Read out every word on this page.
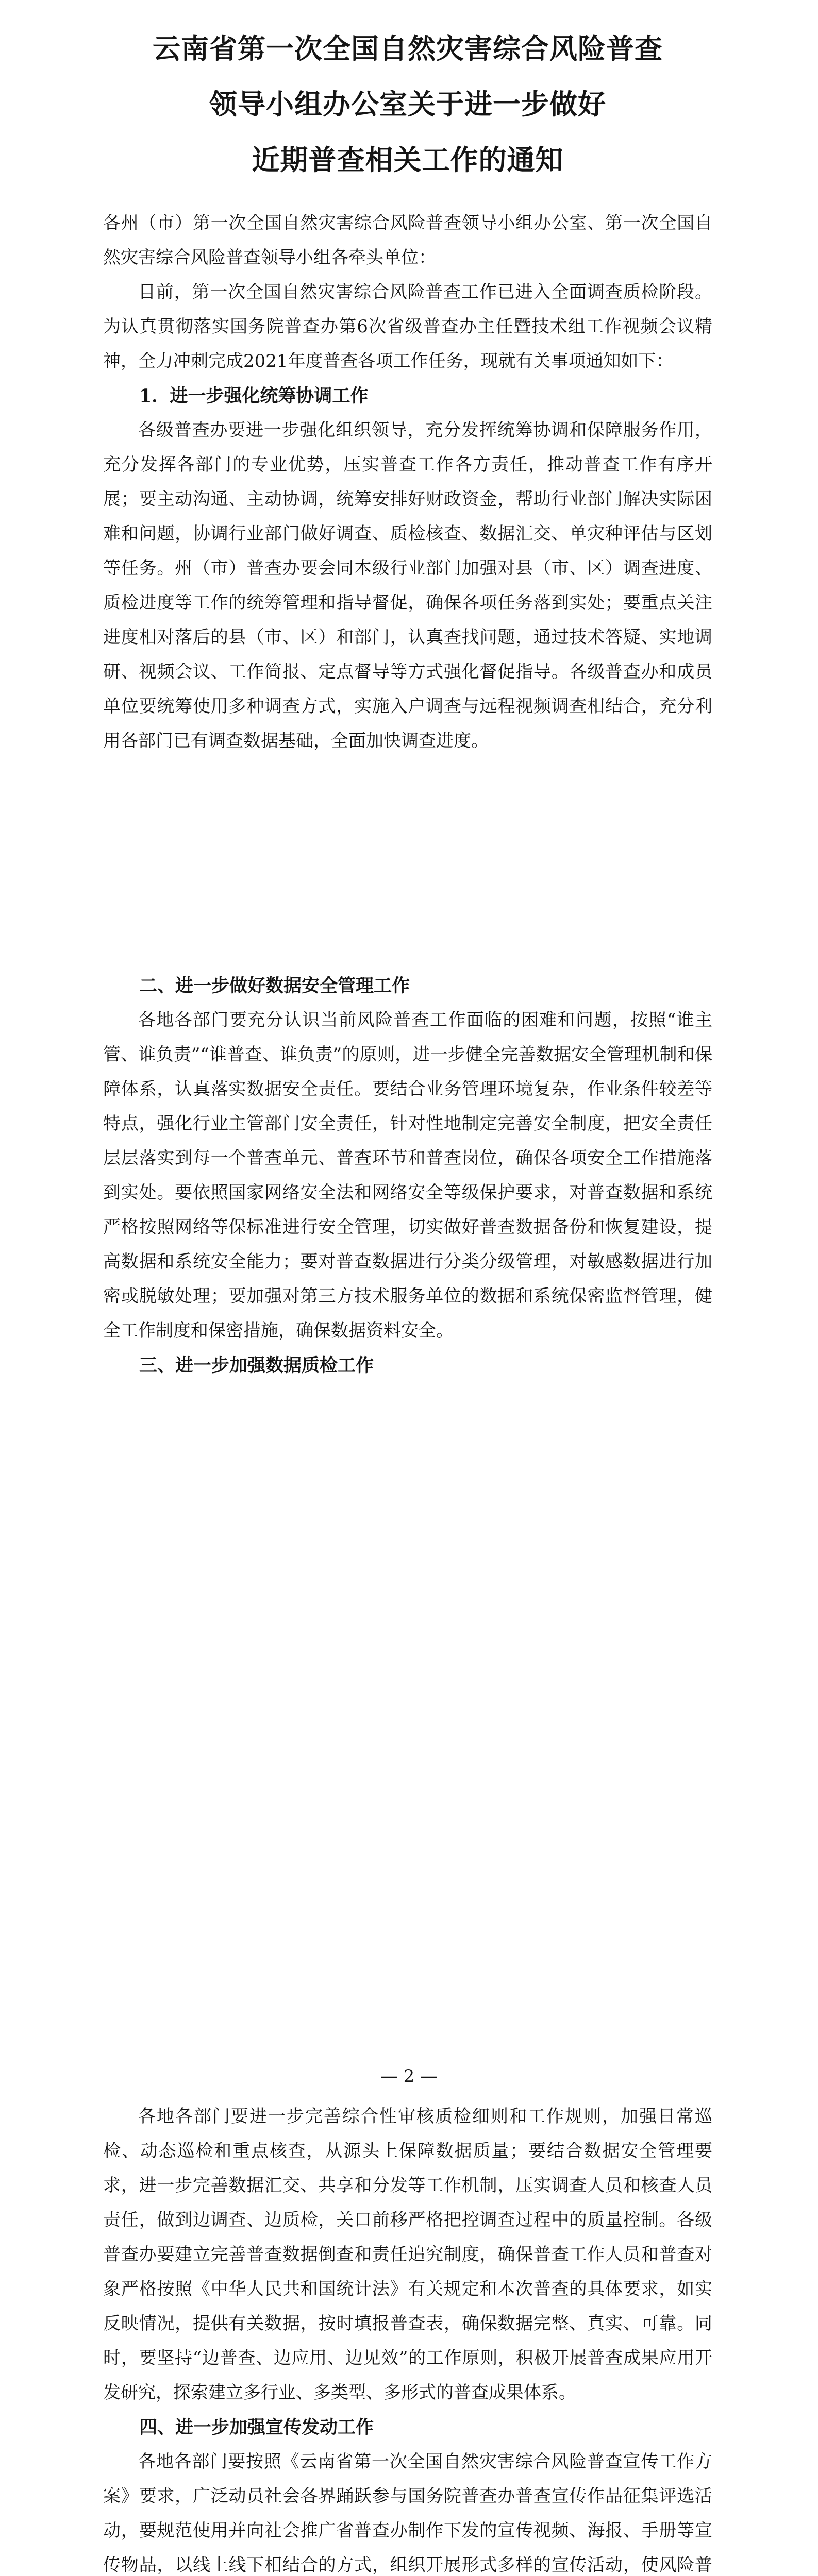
云南省第一次全国自然灾害综合风险普查
领导小组办公室关于进一步做好
近期普查相关工作的通知

各州（市）第一次全国自然灾害综合风险普查领导小组办公室、第一次全国自然灾害综合风险普查领导小组各牵头单位：

目前，第一次全国自然灾害综合风险普查工作已进入全面调查质检阶段。为认真贯彻落实国务院普查办第6次省级普查办主任暨技术组工作视频会议精神，全力冲刺完成2021年度普查各项工作任务，现就有关事项通知如下：

1．进一步强化统筹协调工作

各级普查办要进一步强化组织领导，充分发挥统筹协调和保障服务作用，充分发挥各部门的专业优势，压实普查工作各方责任，推动普查工作有序开展；要主动沟通、主动协调，统筹安排好财政资金，帮助行业部门解决实际困难和问题，协调行业部门做好调查、质检核查、数据汇交、单灾种评估与区划等任务。州（市）普查办要会同本级行业部门加强对县（市、区）调查进度、质检进度等工作的统筹管理和指导督促，确保各项任务落到实处；要重点关注进度相对落后的县（市、区）和部门，认真查找问题，通过技术答疑、实地调研、视频会议、工作简报、定点督导等方式强化督促指导。各级普查办和成员单位要统筹使用多种调查方式，实施入户调查与远程视频调查相结合，充分利用各部门已有调查数据基础，全面加快调查进度。

二、进一步做好数据安全管理工作

各地各部门要充分认识当前风险普查工作面临的困难和问题，按照“谁主管、谁负责”“谁普查、谁负责”的原则，进一步健全完善数据安全管理机制和保障体系，认真落实数据安全责任。要结合业务管理环境复杂，作业条件较差等特点，强化行业主管部门安全责任，针对性地制定完善安全制度，把安全责任层层落实到每一个普查单元、普查环节和普查岗位，确保各项安全工作措施落到实处。要依照国家网络安全法和网络安全等级保护要求，对普查数据和系统严格按照网络等保标准进行安全管理，切实做好普查数据备份和恢复建设，提高数据和系统安全能力；要对普查数据进行分类分级管理，对敏感数据进行加密或脱敏处理；要加强对第三方技术服务单位的数据和系统保密监督管理，健全工作制度和保密措施，确保数据资料安全。

三、进一步加强数据质检工作

— 2 —

各地各部门要进一步完善综合性审核质检细则和工作规则，加强日常巡检、动态巡检和重点核查，从源头上保障数据质量；要结合数据安全管理要求，进一步完善数据汇交、共享和分发等工作机制，压实调查人员和核查人员责任，做到边调查、边质检，关口前移严格把控调查过程中的质量控制。各级普查办要建立完善普查数据倒查和责任追究制度，确保普查工作人员和普查对象严格按照《中华人民共和国统计法》有关规定和本次普查的具体要求，如实反映情况，提供有关数据，按时填报普查表，确保数据完整、真实、可靠。同时，要坚持“边普查、边应用、边见效”的工作原则，积极开展普查成果应用开发研究，探索建立多行业、多类型、多形式的普查成果体系。

四、进一步加强宣传发动工作

各地各部门要按照《云南省第一次全国自然灾害综合风险普查宣传工作方案》要求，广泛动员社会各界踊跃参与国务院普查办普查宣传作品征集评选活动，要规范使用并向社会推广省普查办制作下发的宣传视频、海报、手册等宣传物品，以线上线下相结合的方式，组织开展形式多样的宣传活动，使风险普
